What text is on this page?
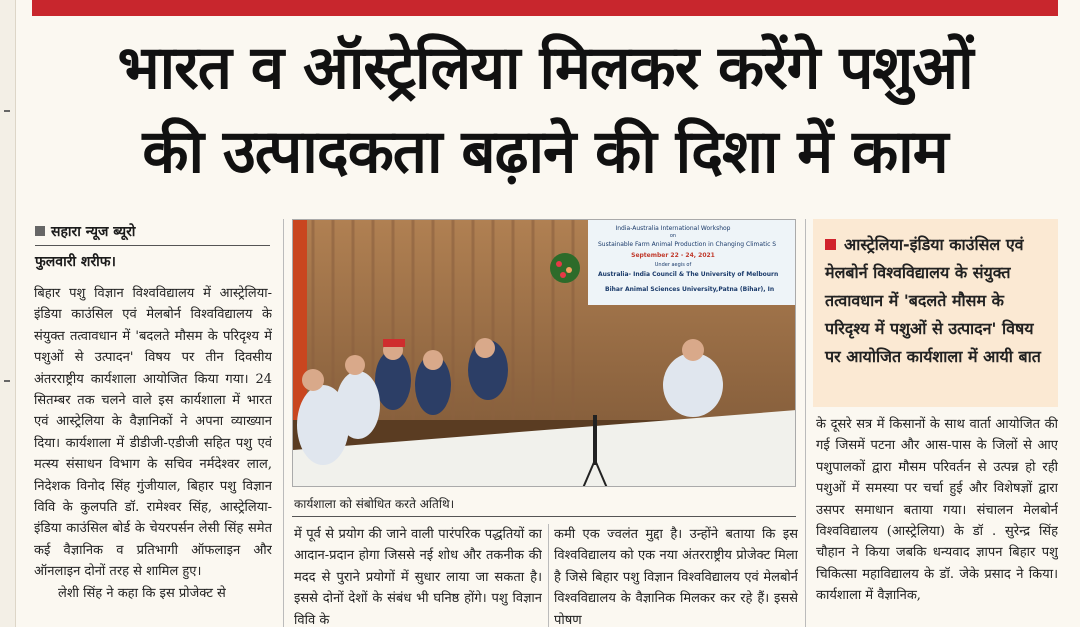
भारत व ऑस्ट्रेलिया मिलकर करेंगे पशुओं
की उत्पादकता बढ़ाने की दिशा में काम
सहारा न्यूज ब्यूरो
फुलवारी शरीफ।

बिहार पशु विज्ञान विश्वविद्यालय में आस्ट्रेलिया-इंडिया काउंसिल एवं मेलबोर्न विश्वविद्यालय के संयुक्त तत्वावधान में 'बदलते मौसम के परिदृश्य में पशुओं से उत्पादन' विषय पर तीन दिवसीय अंतरराष्ट्रीय कार्यशाला आयोजित किया गया। 24 सितम्बर तक चलने वाले इस कार्यशाला में भारत एवं आस्ट्रेलिया के वैज्ञानिकों ने अपना व्याख्यान दिया। कार्यशाला में डीडीजी-एडीजी सहित पशु एवं मत्स्य संसाधन विभाग के सचिव नर्मदेश्वर लाल, निदेशक विनोद सिंह गुंजीयाल, बिहार पशु विज्ञान विवि के कुलपति डॉ. रामेश्वर सिंह, आस्ट्रेलिया-इंडिया काउंसिल बोर्ड के चेयरपर्सन लेसी सिंह समेत कई वैज्ञानिक व प्रतिभागी ऑफलाइन और ऑनलाइन दोनों तरह से शामिल हुए।

लेशी सिंह ने कहा कि इस प्रोजेक्ट से

India-Australia International Workshop
on
Sustainable Farm Animal Production in Changing Climatic S
September 22 - 24, 2021
Under aegis of
Australia- India Council & The University of Melbourn
Bihar Animal Sciences University,Patna (Bihar), In
कार्यशाला को संबोधित करते अतिथि।

में पूर्व से प्रयोग की जाने वाली पारंपरिक पद्धतियों का आदान-प्रदान होगा जिससे नई शोध और तकनीक की मदद से पुराने प्रयोगों में सुधार लाया जा सकता है। इससे दोनों देशों के संबंध भी घनिष्ठ होंगे। पशु विज्ञान विवि के

कमी एक ज्वलंत मुद्दा है। उन्होंने बताया कि इस विश्वविद्यालय को एक नया अंतरराष्ट्रीय प्रोजेक्ट मिला है जिसे बिहार पशु विज्ञान विश्वविद्यालय एवं मेलबोर्न विश्वविद्यालय के वैज्ञानिक मिलकर कर रहे हैं। इससे पोषण

आस्ट्रेलिया-इंडिया काउंसिल एवं मेलबोर्न विश्वविद्यालय के संयुक्त तत्वावधान में 'बदलते मौसम के परिदृश्य में पशुओं से उत्पादन' विषय पर आयोजित कार्यशाला में आयी बात

के दूसरे सत्र में किसानों के साथ वार्ता आयोजित की गई जिसमें पटना और आस-पास के जिलों से आए पशुपालकों द्वारा मौसम परिवर्तन से उत्पन्न हो रही पशुओं में समस्या पर चर्चा हुई और विशेषज्ञों द्वारा उसपर समाधान बताया गया। संचालन मेलबोर्न विश्वविद्यालय (आस्ट्रेलिया) के डॉ . सुरेन्द्र सिंह चौहान ने किया जबकि धन्यवाद ज्ञापन बिहार पशु चिकित्सा महाविद्यालय के डॉ. जेके प्रसाद ने किया। कार्यशाला में वैज्ञानिक,
